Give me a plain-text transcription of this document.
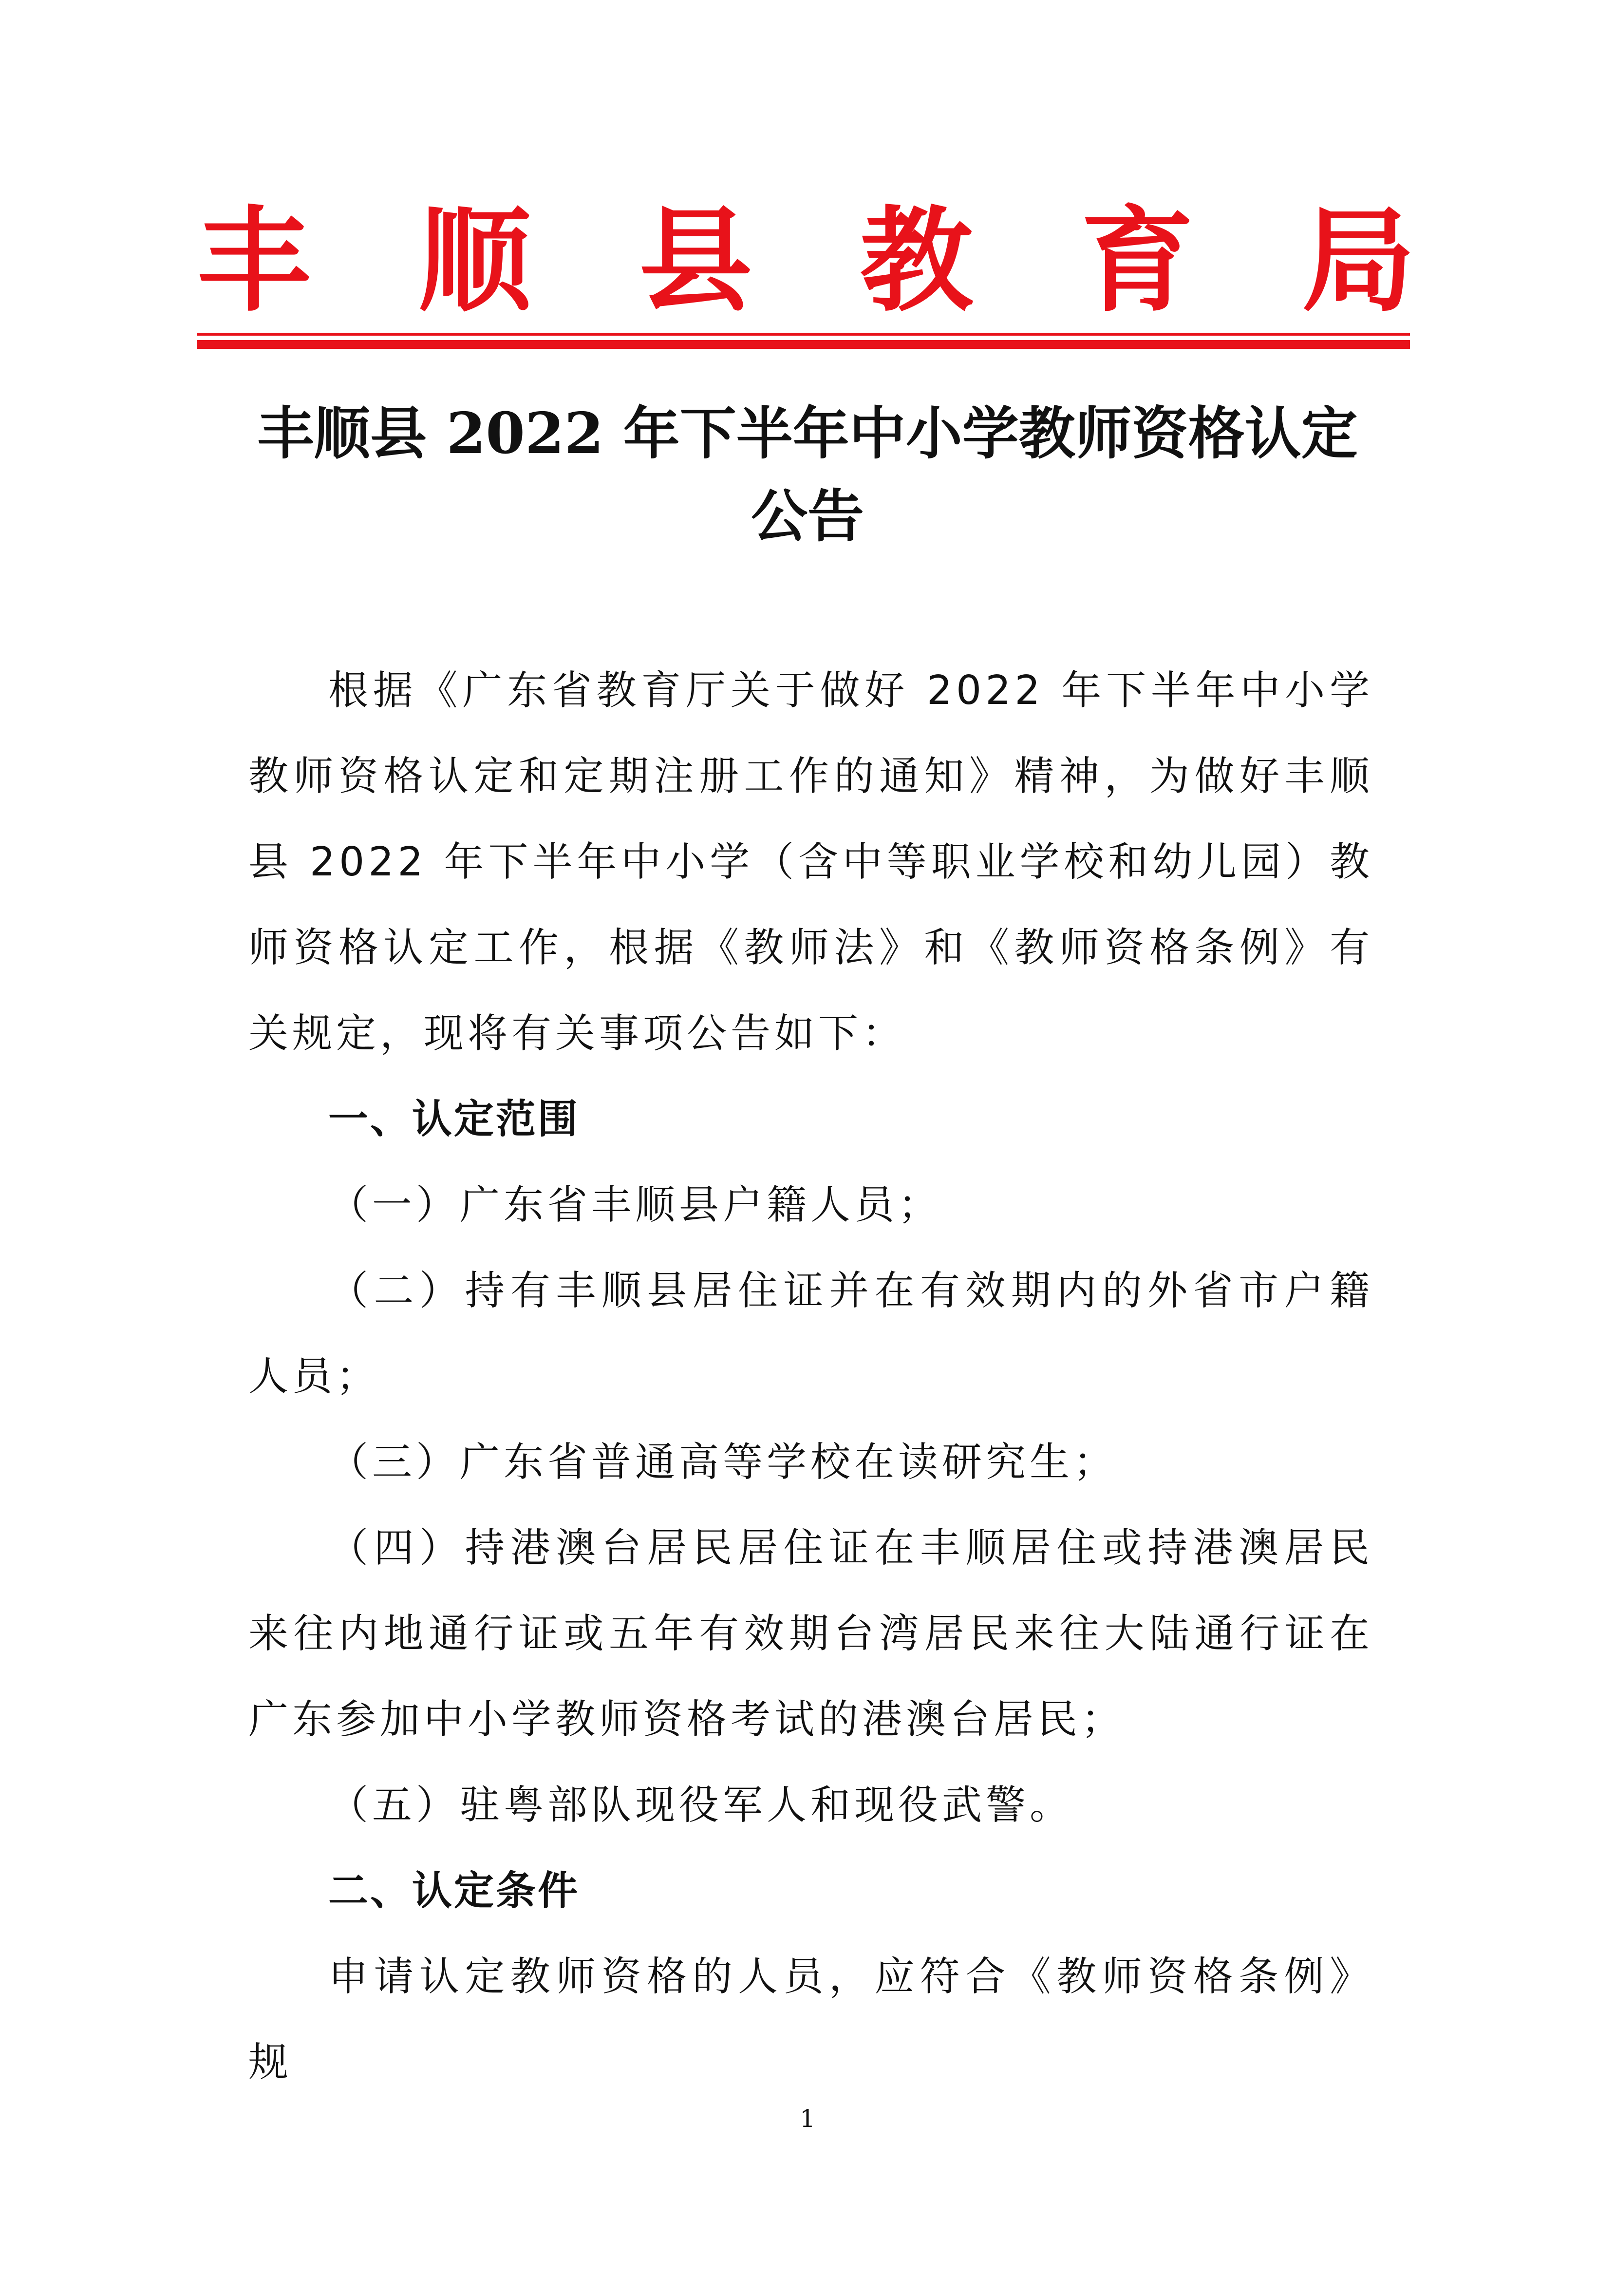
丰 顺 县 教 育 局
丰顺县 2022 年下半年中小学教师资格认定
公告

根据《广东省教育厅关于做好 2022 年下半年中小学教师资格认定和定期注册工作的通知》精神，为做好丰顺县 2022 年下半年中小学（含中等职业学校和幼儿园）教师资格认定工作，根据《教师法》和《教师资格条例》有关规定，现将有关事项公告如下：

一、认定范围

（一）广东省丰顺县户籍人员；

（二）持有丰顺县居住证并在有效期内的外省市户籍人员；

（三）广东省普通高等学校在读研究生；

（四）持港澳台居民居住证在丰顺居住或持港澳居民来往内地通行证或五年有效期台湾居民来往大陆通行证在广东参加中小学教师资格考试的港澳台居民；

（五）驻粤部队现役军人和现役武警。

二、认定条件

申请认定教师资格的人员，应符合《教师资格条例》规

1
